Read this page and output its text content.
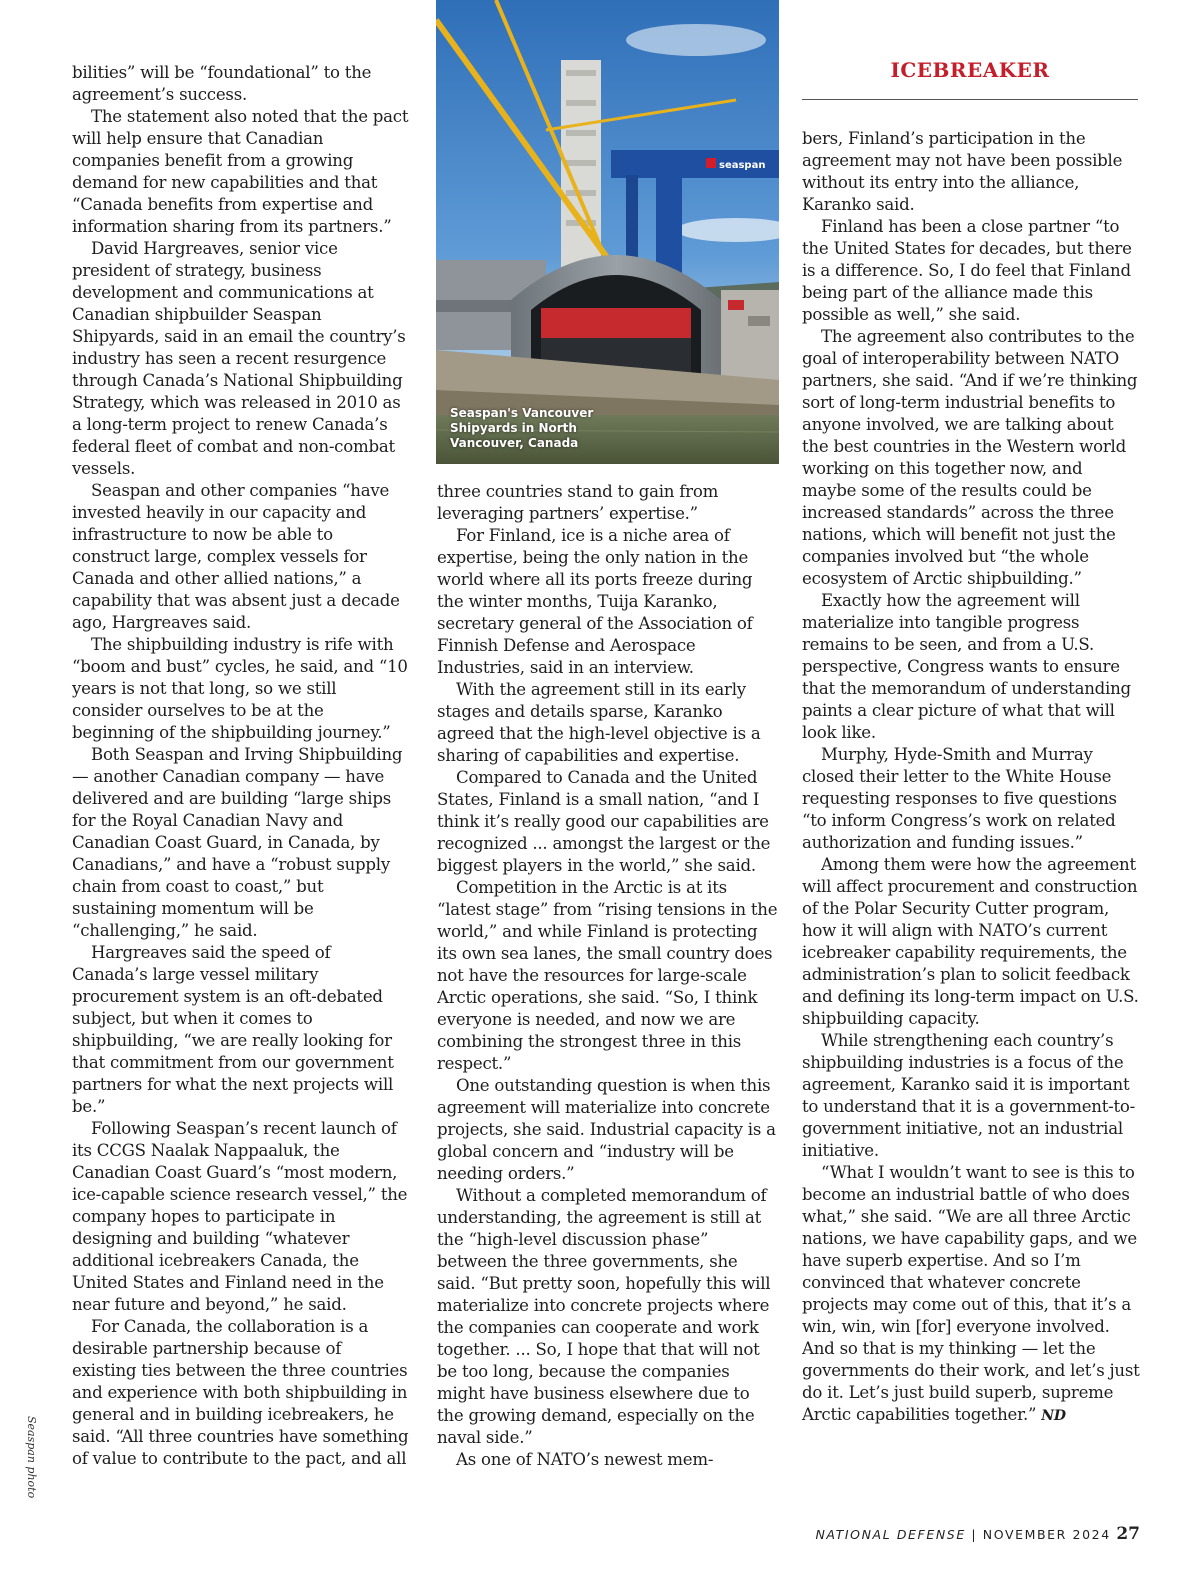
ICEBREAKER
seaspan
Seaspan's Vancouver Shipyards in North Vancouver, Canada
Seaspan photo

bilities” will be “foundational” to the agreement’s success.

The statement also noted that the pact will help ensure that Canadian companies benefit from a growing demand for new capabilities and that “Canada benefits from expertise and information sharing from its partners.”

David Hargreaves, senior vice president of strategy, business development and communications at Canadian shipbuilder Seaspan Shipyards, said in an email the country’s industry has seen a recent resurgence through Canada’s National Shipbuilding Strategy, which was released in 2010 as a long-term project to renew Canada’s federal fleet of combat and non-combat vessels.

Seaspan and other companies “have invested heavily in our capacity and infrastructure to now be able to construct large, complex vessels for Canada and other allied nations,” a capability that was absent just a decade ago, Hargreaves said.

The shipbuilding industry is rife with “boom and bust” cycles, he said, and “10 years is not that long, so we still consider ourselves to be at the beginning of the shipbuilding journey.”

Both Seaspan and Irving Shipbuilding — another Canadian company — have delivered and are building “large ships for the Royal Canadian Navy and Canadian Coast Guard, in Canada, by Canadians,” and have a “robust supply chain from coast to coast,” but sustaining momentum will be “challenging,” he said.

Hargreaves said the speed of Canada’s large vessel military procurement system is an oft-debated subject, but when it comes to shipbuilding, “we are really looking for that commitment from our government partners for what the next projects will be.”

Following Seaspan’s recent launch of its CCGS Naalak Nappaaluk, the Canadian Coast Guard’s “most modern, ice-capable science research vessel,” the company hopes to participate in designing and building “whatever additional icebreakers Canada, the United States and Finland need in the near future and beyond,” he said.

For Canada, the collaboration is a desirable partnership because of existing ties between the three countries and experience with both shipbuilding in general and in building icebreakers, he said. “All three countries have something of value to contribute to the pact, and all

three countries stand to gain from leveraging partners’ expertise.”

For Finland, ice is a niche area of expertise, being the only nation in the world where all its ports freeze during the winter months, Tuija Karanko, secretary general of the Association of Finnish Defense and Aerospace Industries, said in an interview.

With the agreement still in its early stages and details sparse, Karanko agreed that the high-level objective is a sharing of capabilities and expertise.

Compared to Canada and the United States, Finland is a small nation, “and I think it’s really good our capabilities are recognized ... amongst the largest or the biggest players in the world,” she said.

Competition in the Arctic is at its “latest stage” from “rising tensions in the world,” and while Finland is protecting its own sea lanes, the small country does not have the resources for large-scale Arctic operations, she said. “So, I think everyone is needed, and now we are combining the strongest three in this respect.”

One outstanding question is when this agreement will materialize into concrete projects, she said. Industrial capacity is a global concern and “industry will be needing orders.”

Without a completed memorandum of understanding, the agreement is still at the “high-level discussion phase” between the three governments, she said. “But pretty soon, hopefully this will materialize into concrete projects where the companies can cooperate and work together. ... So, I hope that that will not be too long, because the companies might have business elsewhere due to the growing demand, especially on the naval side.”

As one of NATO’s newest mem-

bers, Finland’s participation in the agreement may not have been possible without its entry into the alliance, Karanko said.

Finland has been a close partner “to the United States for decades, but there is a difference. So, I do feel that Finland being part of the alliance made this possible as well,” she said.

The agreement also contributes to the goal of interoperability between NATO partners, she said. “And if we’re thinking sort of long-term industrial benefits to anyone involved, we are talking about the best countries in the Western world working on this together now, and maybe some of the results could be increased standards” across the three nations, which will benefit not just the companies involved but “the whole ecosystem of Arctic shipbuilding.”

Exactly how the agreement will materialize into tangible progress remains to be seen, and from a U.S. perspective, Congress wants to ensure that the memorandum of understanding paints a clear picture of what that will look like.

Murphy, Hyde-Smith and Murray closed their letter to the White House requesting responses to five questions “to inform Congress’s work on related authorization and funding issues.”

Among them were how the agreement will affect procurement and construction of the Polar Security Cutter program, how it will align with NATO’s current icebreaker capability requirements, the administration’s plan to solicit feedback and defining its long-term impact on U.S. shipbuilding capacity.

While strengthening each country’s shipbuilding industries is a focus of the agreement, Karanko said it is important to understand that it is a government-to-government initiative, not an industrial initiative.

“What I wouldn’t want to see is this to become an industrial battle of who does what,” she said. “We are all three Arctic nations, we have capability gaps, and we have superb expertise. And so I’m convinced that whatever concrete projects may come out of this, that it’s a win, win, win [for] everyone involved. And so that is my thinking — let the governments do their work, and let’s just do it. Let’s just build superb, supreme Arctic capabilities together.” ND

NATIONAL DEFENSE | NOVEMBER 2024 27
